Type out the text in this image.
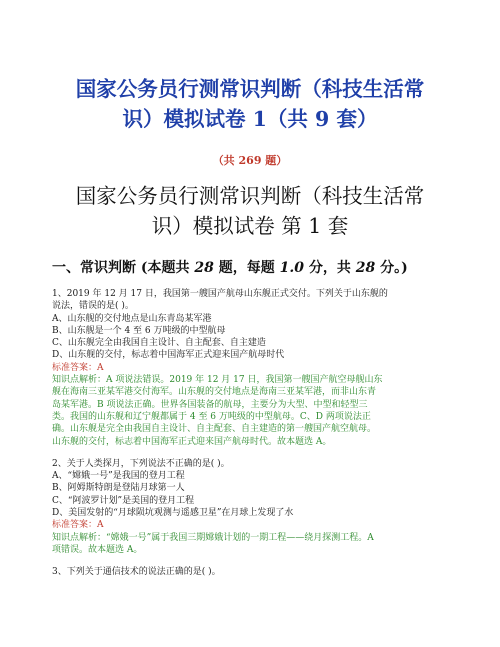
国家公务员行测常识判断（科技生活常
识）模拟试卷 1（共 9 套）
（共 269 题）
国家公务员行测常识判断（科技生活常
识）模拟试卷 第 1 套
一、常识判断 (本题共 28 题，每题 1.0 分，共 28 分。)
1、2019 年 12 月 17 日，我国第一艘国产航母山东舰正式交付。下列关于山东舰的
说法，错误的是( )。
A、山东舰的交付地点是山东青岛某军港
B、山东舰是一个 4 至 6 万吨级的中型航母
C、山东舰完全由我国自主设计、自主配套、自主建造
D、山东舰的交付，标志着中国海军正式迎来国产航母时代
标准答案：A
知识点解析：A 项说法错误。2019 年 12 月 17 日，我国第一艘国产航空母舰山东
舰在海南三亚某军港交付海军。山东舰的交付地点是海南三亚某军港，而非山东青
岛某军港。B 项说法正确。世界各国装备的航母，主要分为大型、中型和轻型三
类。我国的山东舰和辽宁舰都属于 4 至 6 万吨级的中型航母。C、D 两项说法正
确。山东舰是完全由我国自主设计、自主配套、自主建造的第一艘国产航空航母。
山东舰的交付，标志着中国海军正式迎来国产航母时代。故本题选 A。
2、关于人类探月，下列说法不正确的是( )。
A、“嫦娥一号”是我国的登月工程
B、阿姆斯特朗是登陆月球第一人
C、“阿波罗计划”是美国的登月工程
D、美国发射的“月球陨坑观测与遥感卫星”在月球上发现了水
标准答案：A
知识点解析：“嫦娥一号”属于我国三期嫦娥计划的一期工程——绕月探测工程。A
项错误。故本题选 A。
3、下列关于通信技术的说法正确的是( )。
